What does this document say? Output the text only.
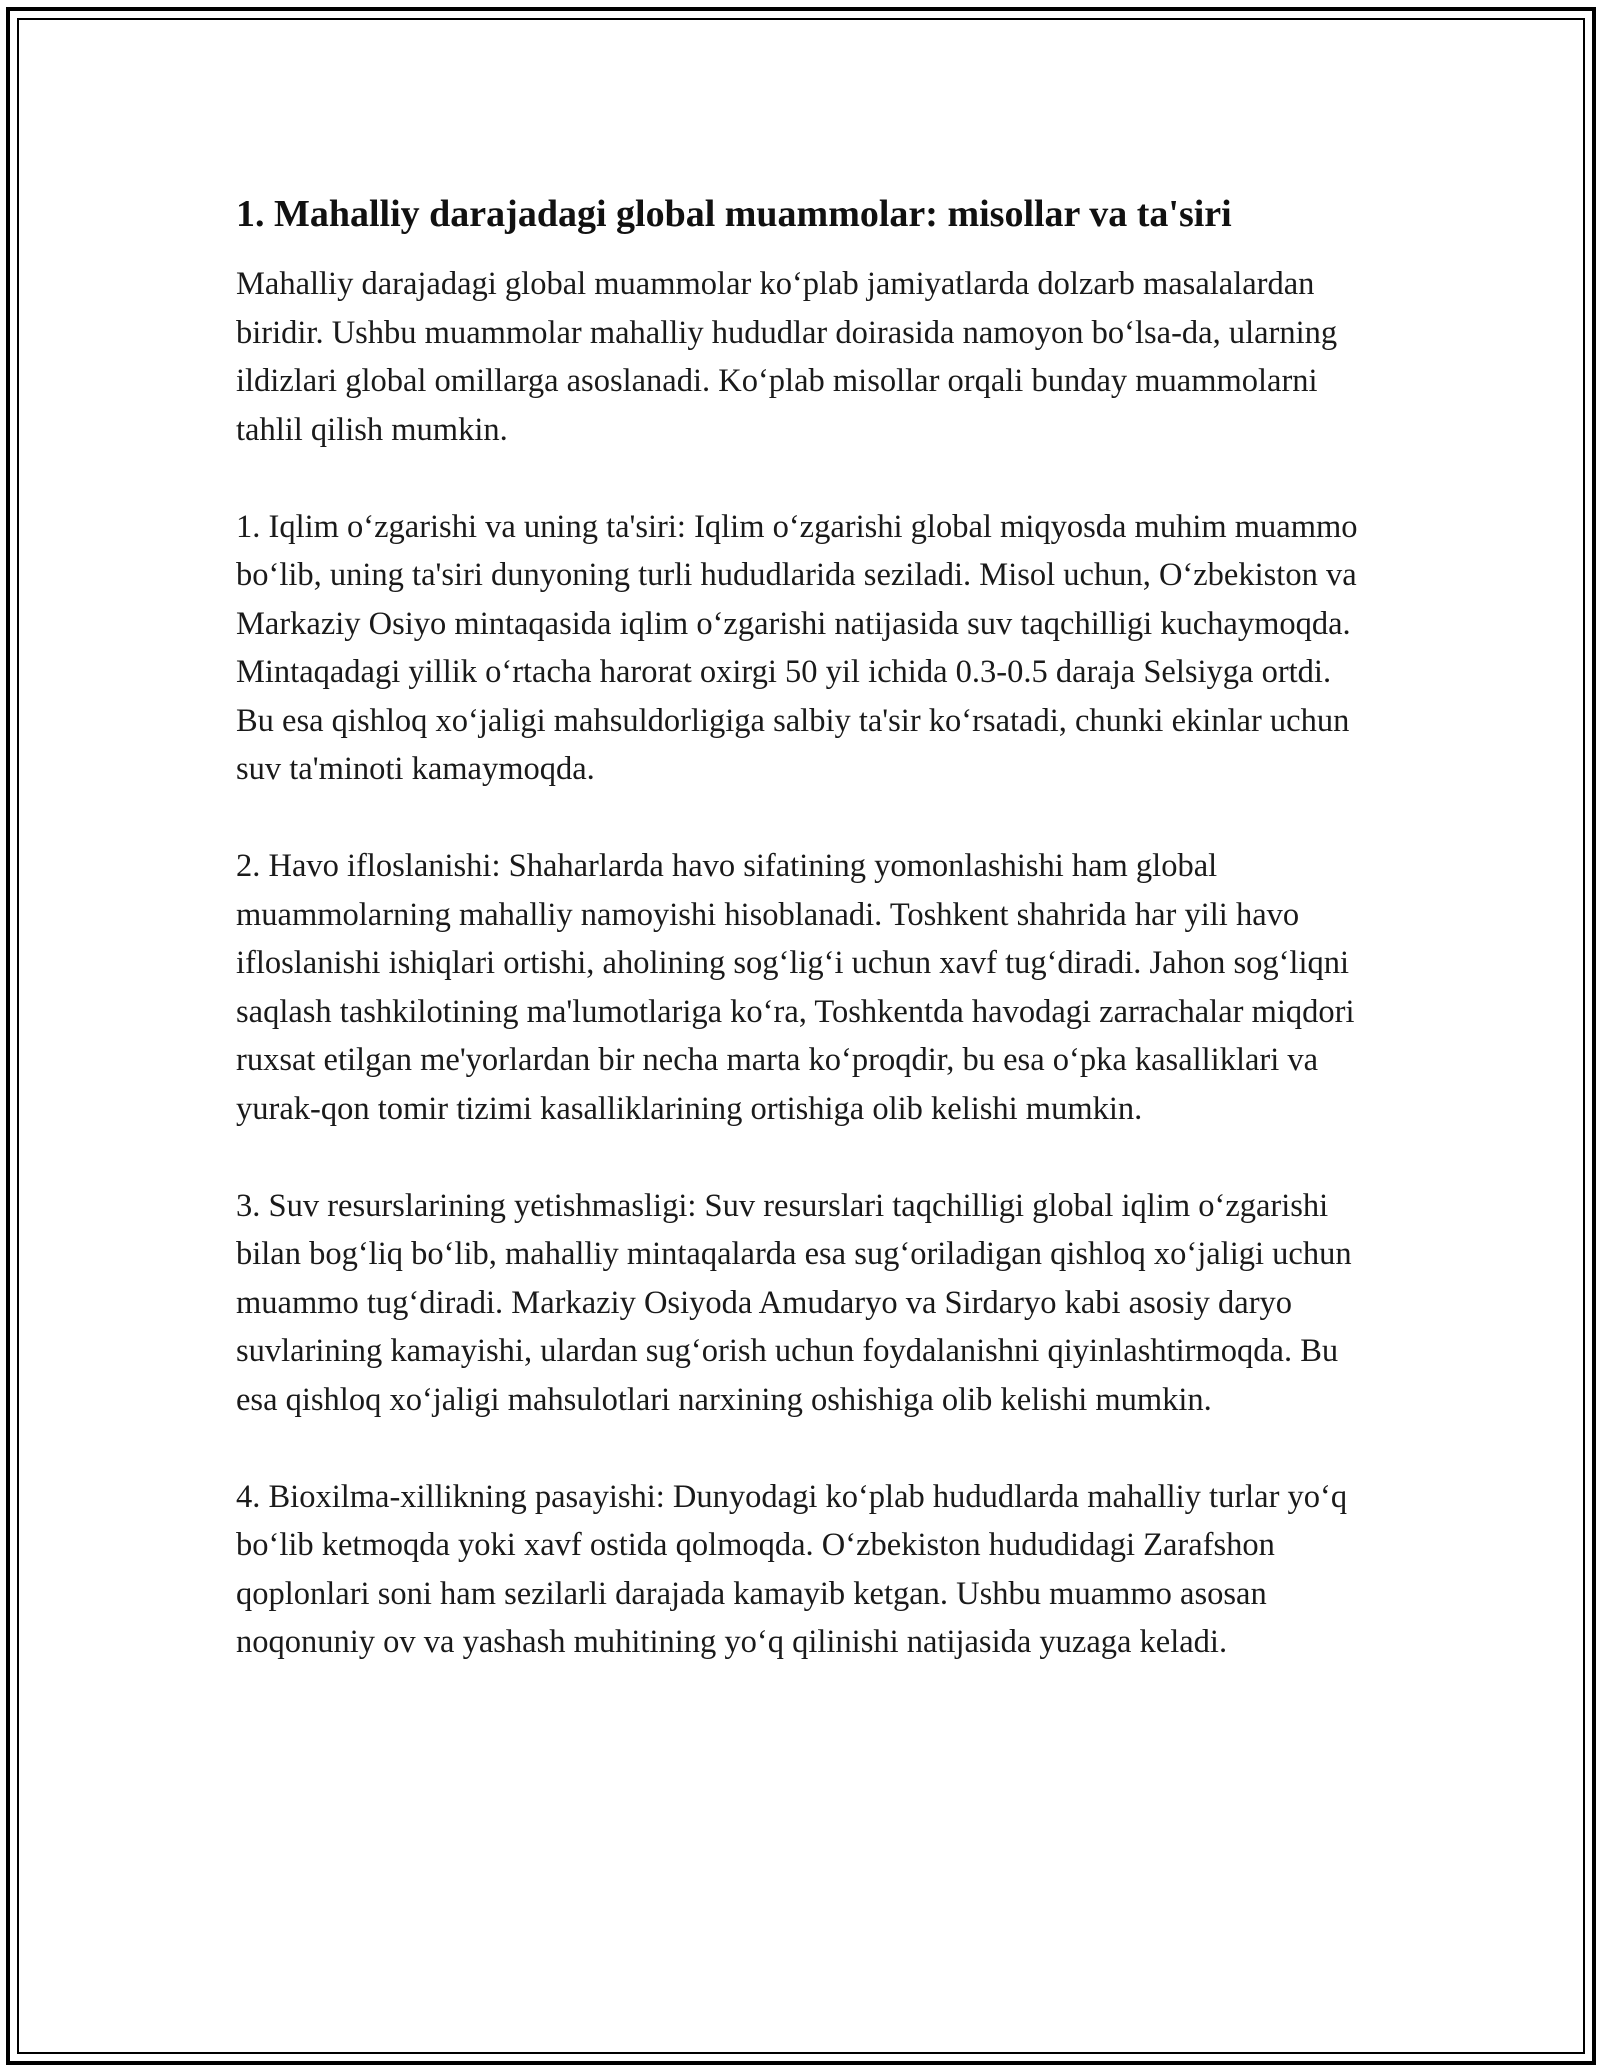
1. Mahalliy darajadagi global muammolar: misollar va ta'siri

Mahalliy darajadagi global muammolar ko‘plab jamiyatlarda dolzarb masalalardan biridir. Ushbu muammolar mahalliy hududlar doirasida namoyon bo‘lsa-da, ularning ildizlari global omillarga asoslanadi. Ko‘plab misollar orqali bunday muammolarni tahlil qilish mumkin.

1. Iqlim o‘zgarishi va uning ta'siri: Iqlim o‘zgarishi global miqyosda muhim muammo bo‘lib, uning ta'siri dunyoning turli hududlarida seziladi. Misol uchun, O‘zbekiston va Markaziy Osiyo mintaqasida iqlim o‘zgarishi natijasida suv taqchilligi kuchaymoqda. Mintaqadagi yillik o‘rtacha harorat oxirgi 50 yil ichida 0.3-0.5 daraja Selsiyga ortdi. Bu esa qishloq xo‘jaligi mahsuldorligiga salbiy ta'sir ko‘rsatadi, chunki ekinlar uchun suv ta'minoti kamaymoqda.

2. Havo ifloslanishi: Shaharlarda havo sifatining yomonlashishi ham global muammolarning mahalliy namoyishi hisoblanadi. Toshkent shahrida har yili havo ifloslanishi ishiqlari ortishi, aholining sog‘lig‘i uchun xavf tug‘diradi. Jahon sog‘liqni saqlash tashkilotining ma'lumotlariga ko‘ra, Toshkentda havodagi zarrachalar miqdori ruxsat etilgan me'yorlardan bir necha marta ko‘proqdir, bu esa o‘pka kasalliklari va yurak-qon tomir tizimi kasalliklarining ortishiga olib kelishi mumkin.

3. Suv resurslarining yetishmasligi: Suv resurslari taqchilligi global iqlim o‘zgarishi bilan bog‘liq bo‘lib, mahalliy mintaqalarda esa sug‘oriladigan qishloq xo‘jaligi uchun muammo tug‘diradi. Markaziy Osiyoda Amudaryo va Sirdaryo kabi asosiy daryo suvlarining kamayishi, ulardan sug‘orish uchun foydalanishni qiyinlashtirmoqda. Bu esa qishloq xo‘jaligi mahsulotlari narxining oshishiga olib kelishi mumkin.

4. Bioxilma-xillikning pasayishi: Dunyodagi ko‘plab hududlarda mahalliy turlar yo‘q bo‘lib ketmoqda yoki xavf ostida qolmoqda. O‘zbekiston hududidagi Zarafshon qoplonlari soni ham sezilarli darajada kamayib ketgan. Ushbu muammo asosan noqonuniy ov va yashash muhitining yo‘q qilinishi natijasida yuzaga keladi.
